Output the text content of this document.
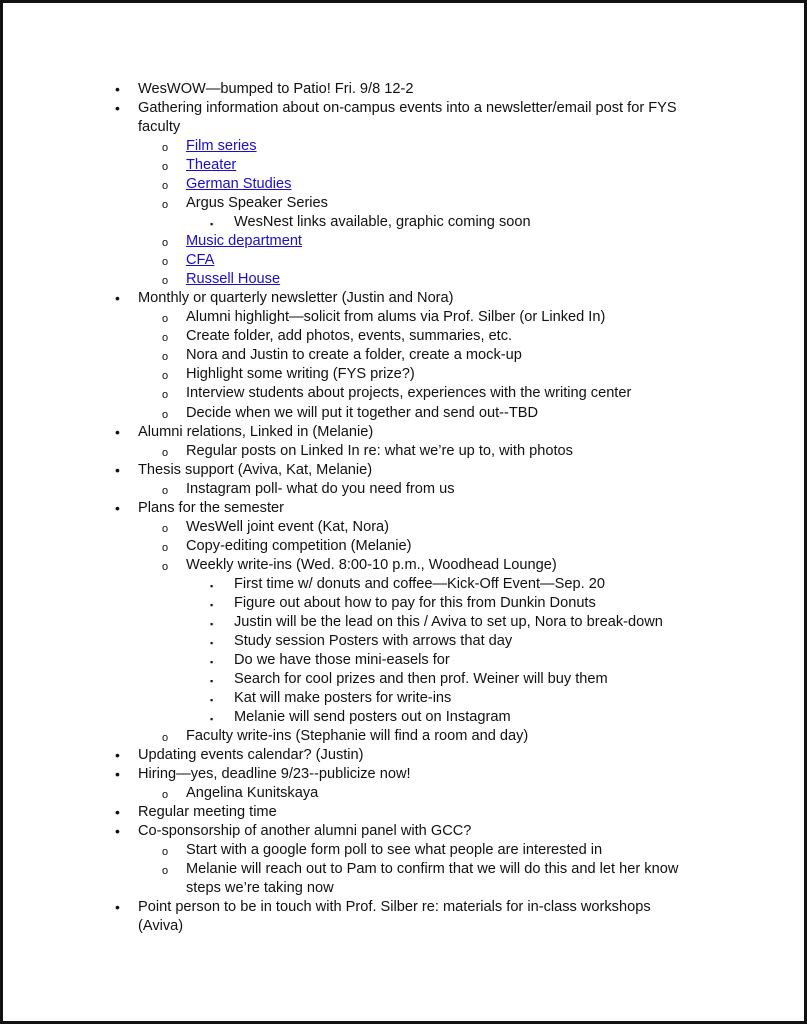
•
WesWOW—bumped to Patio! Fri. 9/8 12-2
•
Gathering information about on-campus events into a newsletter/email post for FYS
faculty
o
Film series
o
Theater
o
German Studies
o
Argus Speaker Series
▪
WesNest links available, graphic coming soon
o
Music department
o
CFA
o
Russell House
•
Monthly or quarterly newsletter (Justin and Nora)
o
Alumni highlight—solicit from alums via Prof. Silber (or Linked In)
o
Create folder, add photos, events, summaries, etc.
o
Nora and Justin to create a folder, create a mock-up
o
Highlight some writing (FYS prize?)
o
Interview students about projects, experiences with the writing center
o
Decide when we will put it together and send out--TBD
•
Alumni relations, Linked in (Melanie)
o
Regular posts on Linked In re: what we’re up to, with photos
•
Thesis support (Aviva, Kat, Melanie)
o
Instagram poll- what do you need from us
•
Plans for the semester
o
WesWell joint event (Kat, Nora)
o
Copy-editing competition (Melanie)
o
Weekly write-ins (Wed. 8:00-10 p.m., Woodhead Lounge)
▪
First time w/ donuts and coffee—Kick-Off Event—Sep. 20
▪
Figure out about how to pay for this from Dunkin Donuts
▪
Justin will be the lead on this / Aviva to set up, Nora to break-down
▪
Study session Posters with arrows that day
▪
Do we have those mini-easels for
▪
Search for cool prizes and then prof. Weiner will buy them
▪
Kat will make posters for write-ins
▪
Melanie will send posters out on Instagram
o
Faculty write-ins (Stephanie will find a room and day)
•
Updating events calendar? (Justin)
•
Hiring—yes, deadline 9/23--publicize now!
o
Angelina Kunitskaya
•
Regular meeting time
•
Co-sponsorship of another alumni panel with GCC?
o
Start with a google form poll to see what people are interested in
o
Melanie will reach out to Pam to confirm that we will do this and let her know
steps we’re taking now
•
Point person to be in touch with Prof. Silber re: materials for in-class workshops
(Aviva)
